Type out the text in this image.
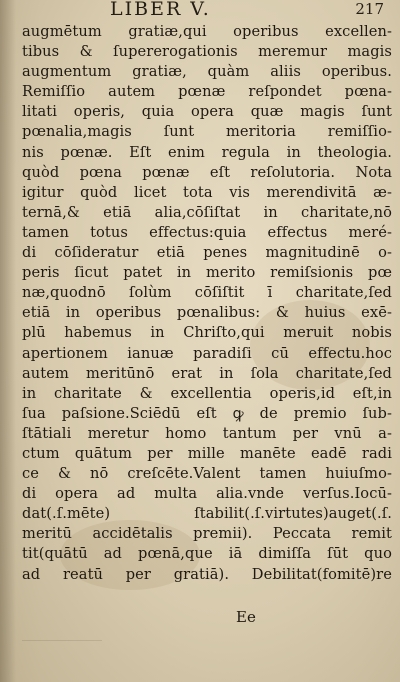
LIBER V.	217
augmētum gratiæ,qui operibus excellen-
tibus & ſupererogationis meremur magis
augmentum gratiæ, quàm aliis operibus.
Remiſſio autem pœnæ reſpondet pœna-
litati operis, quia opera quæ magis ſunt
pœnalia,magis ſunt meritoria remiſſio-
nis pœnæ. Eſt enim regula in theologia.
quòd pœna pœnæ eſt reſolutoria. Nota
igitur quòd licet tota vis merendivitā æ-
ternā,& etiā alia,cōſiſtat in charitate,nō
tamen totus effectus:quia effectus meré-
di cōſideratur etiā penes magnitudinē o-
peris ſicut patet in merito remiſsionis pœ
næ,quodnō ſolùm cōſiſtit ī charitate,ſed
etiā in operibus pœnalibus: & huius exē-
plū habemus in Chriſto,qui meruit nobis
apertionem ianuæ paradiſi cū effectu.hoc
autem meritūnō erat in ſola charitate,ſed
in charitate & excellentia operis,id eſt,in
ſua paſsione.Sciēdū eſt ꝙ de premio ſub-
ſtātiali meretur homo tantum per vnū a-
ctum quātum per mille manēte eadē radi
ce & nō creſcēte.Valent tamen huiuſmo-
di opera ad multa alia.vnde verſus.Iocū-
dat(.ſ.mēte) ſtabilit(.ſ.virtutes)auget(.ſ.
meritū accidētalis premii). Peccata remit
tit(quātū ad pœnā,que iā dimiſſa ſūt quo
ad reatū per gratiā). Debilitat(fomitē)re
Ee
